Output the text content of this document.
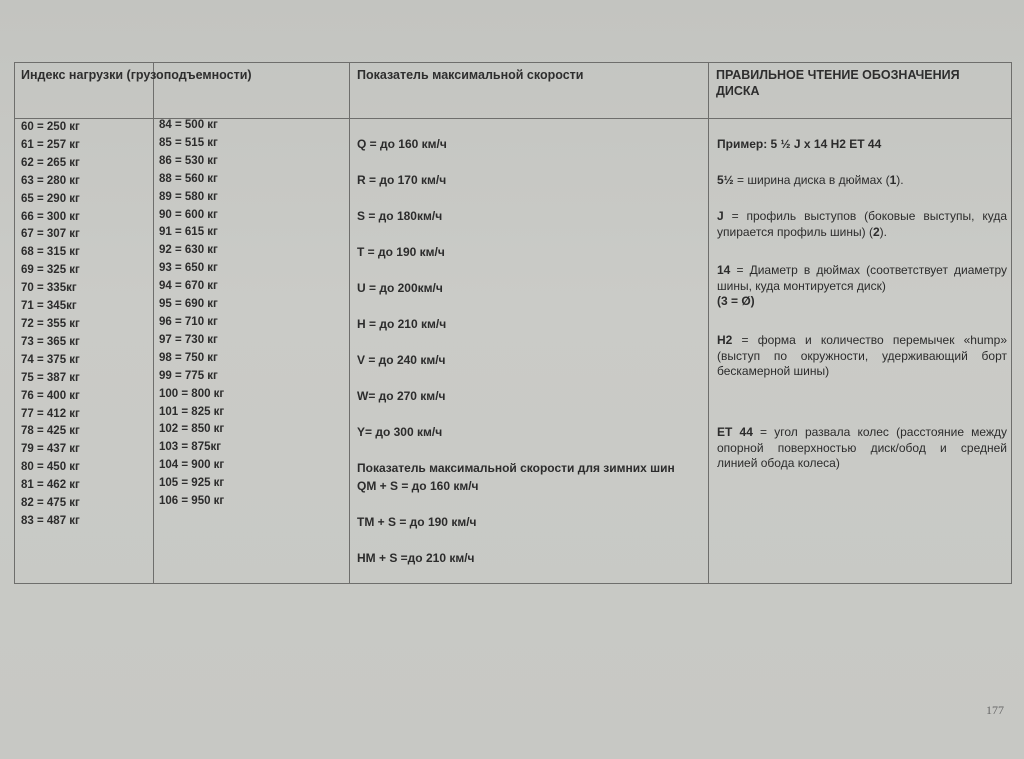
Индекс нагрузки (грузоподъемности)	Показатель максимальной скорости	ПРАВИЛЬНОЕ ЧТЕНИЕ ОБОЗНАЧЕНИЯ ДИСКА
60 = 250 кг
61 = 257 кг
62 = 265 кг
63 = 280 кг
65 = 290 кг
66 = 300 кг
67 = 307 кг
68 = 315 кг
69 = 325 кг
70 = 335кг
71 = 345кг
72 = 355 кг
73 = 365 кг
74 = 375 кг
75 = 387 кг
76 = 400 кг
77 = 412 кг
78 = 425 кг
79 = 437 кг
80 = 450 кг
81 = 462 кг
82 = 475 кг
83 = 487 кг
84 = 500 кг
85 = 515 кг
86 = 530 кг
88 = 560 кг
89 = 580 кг
90 = 600 кг
91 = 615 кг
92 = 630 кг
93 = 650 кг
94 = 670 кг
95 = 690 кг
96 = 710 кг
97 = 730 кг
98 = 750 кг
99 = 775 кг
100 = 800 кг
101 = 825 кг
102 = 850 кг
103 = 875кг
104 = 900 кг
105 = 925 кг
106 = 950 кг
Q = до 160 км/ч
R = до 170 км/ч
S = до 180км/ч
T = до 190 км/ч
U = до 200км/ч
H = до 210 км/ч
V = до 240 км/ч
W= до 270 км/ч
Y= до 300 км/ч
Показатель максимальной скорости для зимних шин
QM + S = до 160 км/ч
TM + S = до 190 км/ч
HM + S =до 210 км/ч

Пример: 5 ½ J x 14 H2 ET 44

5½ = ширина диска в дюймах (1).

J = профиль выступов (боковые выступы, куда упирается профиль шины) (2).

14 = Диаметр в дюймах (соответствует диаметру шины, куда монтируется диск)
(3 = Ø)

H2 = форма и количество перемычек «hump» (выступ по окружности, удерживающий борт бескамерной шины)

ET 44 = угол развала колес (расстояние между опорной поверхностью диск/обод и средней линией обода колеса)

177
